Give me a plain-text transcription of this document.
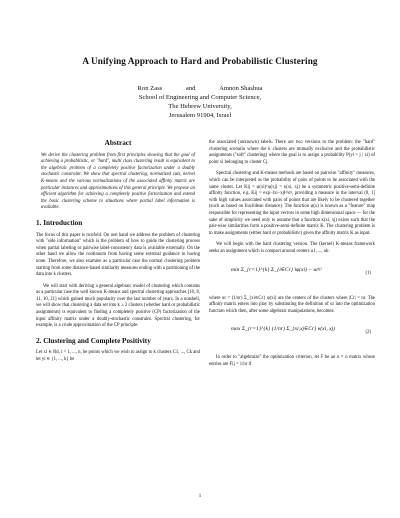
A Unifying Approach to Hard and Probabilistic Clustering
Ron Zass	and	Amnon Shashua
School of Engineering and Computer Science,
The Hebrew University,
Jerusalem 91904, Israel
Abstract

We derive the clustering problem from first principles showing that the goal of achieving a probabilistic, or "hard", multi class clustering result is equivalent to the algebraic problem of a completely positive factorization under a doubly stochastic constraint. We show that spectral clustering, normalized cuts, kernel K-means and the various normalizations of the associated affinity matrix are particular instances and approximations of this general principle. We propose an efficient algorithm for achieving a completely positive factorization and extend the basic clustering scheme to situations where partial label information is available.

1. Introduction

The focus of this paper is twofold. On one hand we address the problem of clustering with "side information" which is the problem of how to guide the clustering process when partial labeling or pairwise label-consistency data is available externally. On the other hand we allow the continuum from having some external guidance to having none. Therefore, we also examine as a particular case the normal clustering problem starting from some distance-based similarity measures ending with a partitioning of the data into k clusters.

We will start with deriving a general algebraic model of clustering which contains as a particular case the well known K-means and spectral clustering approaches [16, 8, 11, 10, 21] which gained much popularity over the last number of years. In a nutshell, we will show that clustering a data set into k ≥ 2 clusters (whether hard or probabilistic assignments) is equivalent to finding a completely positive (CP) factorization of the input affinity matrix under a doubly-stochastic constraint. Spectral clustering, for example, is a crude approximation of the CP principle.

2. Clustering and Complete Positivity

Let xi ∈ Rd, i = 1, ..., n, be points which we wish to assign to k clusters C1, ..., Ck and let yi ∈ {1, ..., k} be

the associated (unknown) labels. There are two versions to the problem: the "hard" clustering scenario where the k clusters are mutually exclusive and the probabilistic assignments ("soft" clustering) where the goal is to assign a probability P(yi = j | xi) of point xi belonging to cluster Cj.

Spectral clustering and K-means methods are based on pairwise "affinity" measures, which can be interpreted as the probability of pairs of points to be associated with the same cluster. Let Kij = φ(xi)ᵀφ(xj) = κ(xi, xj) be a symmetric positive-semi-definite affinity function, e.g. Kij = exp−‖xi−xj‖²/σ², providing a measure in the interval (0, 1] with high values associated with pairs of points that are likely to be clustered together (such as based on Euclidean distance). The function φ(x) is known as a "feature" map responsible for representing the input vectors in some high dimensional space — for the sake of simplicity we need only to assume that a function κ(xi, xj) exists such that the pair-wise similarities form a positive-semi-definite matrix K. The clustering problem is to make assignments (either hard or probabilistic) given the affinity matrix K as input.

We will begin with the hard clustering version. The (kernel) K-means framework seeks an assignment which is compact around centers u1, ..., uk:

min Σ_{r=1}^{k} Σ_{i∈Cr} ‖φ(xi) − ur‖²
(1)

where ur = (1/nr) Σ_{xi∈Cr} φ(xi) are the centers of the clusters where |Cr| = nr. The affinity matrix enters into play by substituting the definition of ur into the optimization function which then, after some algebraic manipulations, becomes:

max Σ_{r=1}^{k} (1/nr) Σ_{xi,xj∈Cr} κ(xi, xj)
(2)

In order to "algebraize" the optimization criterion, let F be an n × n matrix whose entries are Fij = 1/nr if

1
